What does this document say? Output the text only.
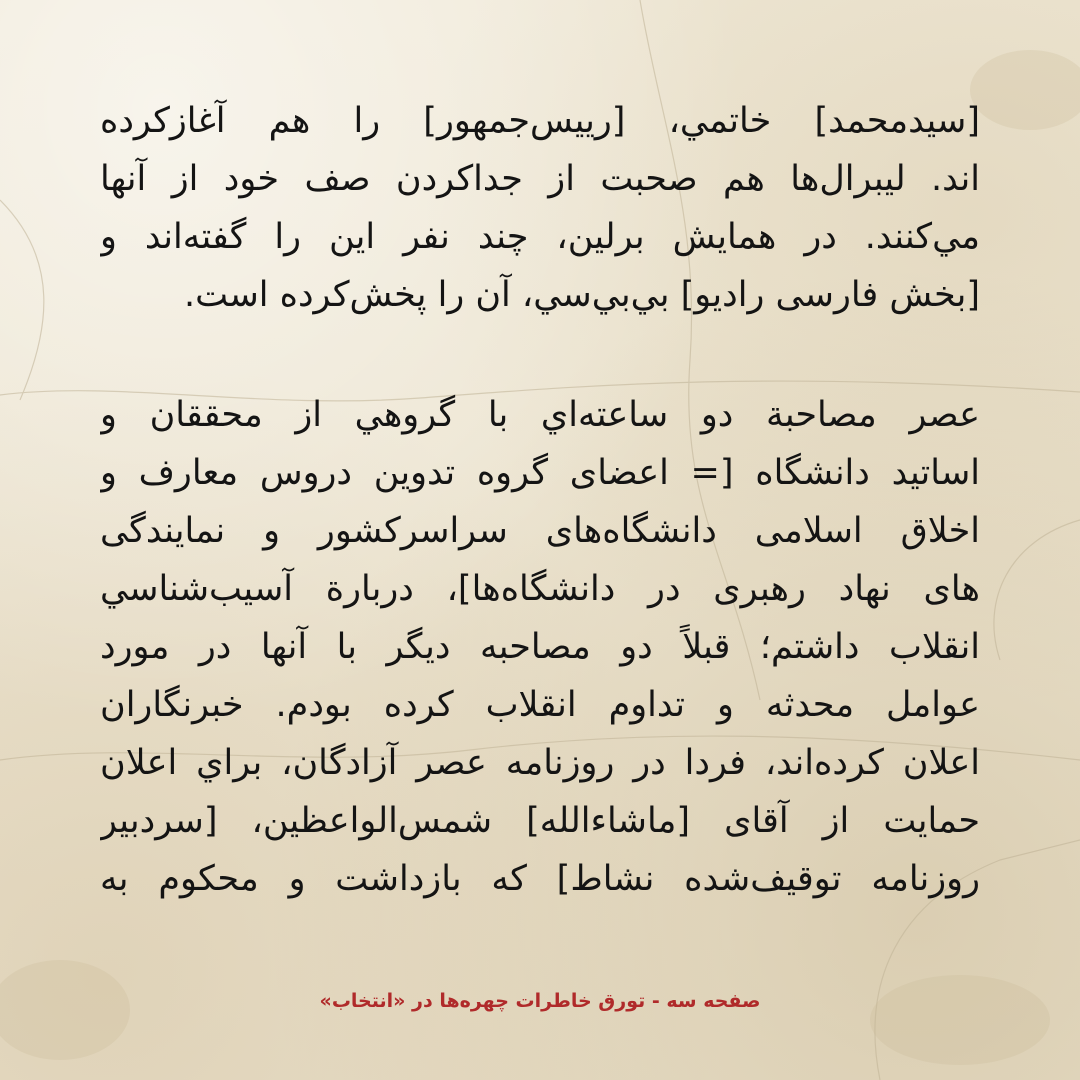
[سيدمحمد] خاتمي، [رييس‌جمهور] را هم آغازکرده
اند. ليبرال‌ها هم صحبت از جداکردن صف خود از آنها
مي‌كنند. در همايش برلين، چند نفر اين را گفته‌اند و
[بخش فارسی رادیو] بي‌بي‌سي، آن را پخش‌كرده است.
عصر مصاحبة دو ساعته‌اي با گروهي از محققان و
اساتید دانشگاه [= اعضای گروه تدوین دروس معارف و
اخلاق اسلامی دانشگاه‌های سراسرکشور و نمایندگی
های نهاد رهبری در دانشگاه‌ها]، دربارة آسيب‌شناسي
انقلاب داشتم؛ قبلاً دو مصاحبه ديگر با آنها در مورد
عوامل محدثه و تداوم انقلاب كرده بودم. خبرنگاران
اعلان كرده‌اند، فردا در روزنامه عصر آزادگان، براي اعلان
حمايت از آقای [ماشاءالله] شمس‌الواعظين، [سردبير
روزنامه توقيف‌شده نشاط] كه بازداشت و محكوم به
صفحه سه - تورق خاطرات چهره‌ها در «انتخاب»
